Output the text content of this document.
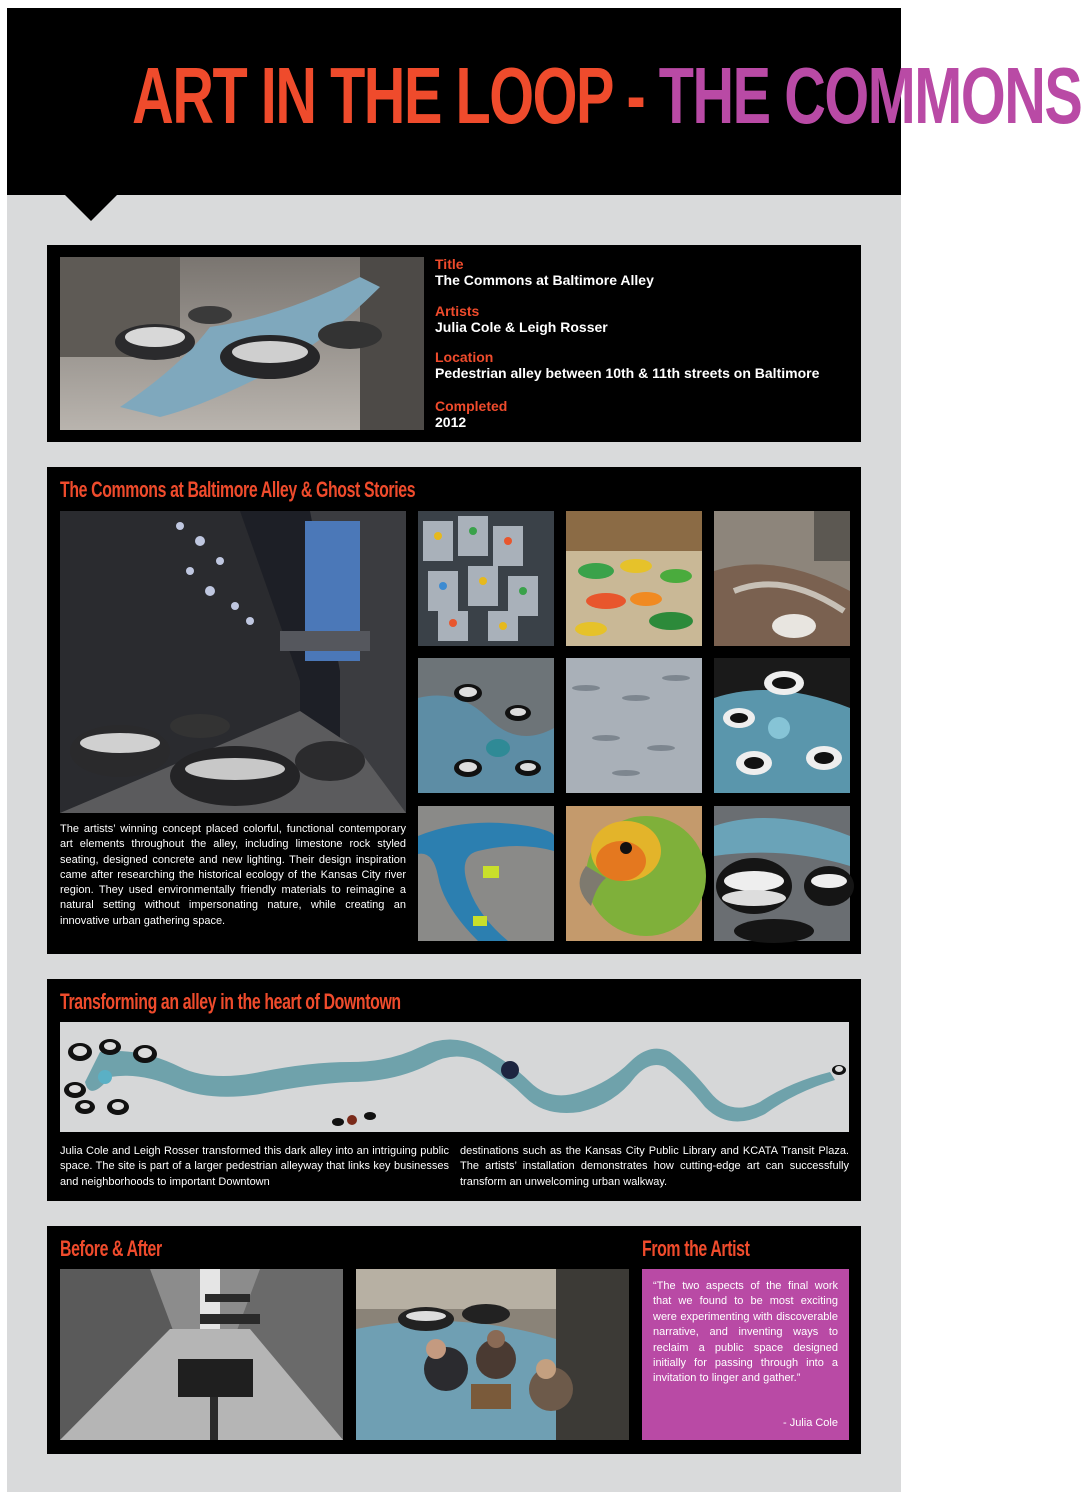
ART IN THE LOOP - THE COMMONS
Title
The Commons at Baltimore Alley
Artists
Julia Cole & Leigh Rosser
Location
Pedestrian alley between 10th & 11th streets on Baltimore
Completed
2012
The Commons at Baltimore Alley & Ghost Stories
The artists’ winning concept placed colorful, functional contemporary art elements throughout the alley, including limestone rock styled seating, designed concrete and new lighting. Their design inspiration came after researching the historical ecology of the Kansas City river region. They used environmentally friendly materials to reimagine a natural setting without impersonating nature, while creating an innovative urban gathering space.
Transforming an alley in the heart of Downtown
Julia Cole and Leigh Rosser transformed this dark alley into an intriguing public space. The site is part of a larger pedestrian alleyway that links key businesses and neighborhoods to important Downtown
destinations such as the Kansas City Public Library and KCATA Transit Plaza. The artists’ installation demonstrates how cutting-edge art can successfully transform an unwelcoming urban walkway.
Before & After	From the Artist
“The two aspects of the final work that we found to be most exciting were experimenting with discoverable narrative, and inventing ways to reclaim a public space designed initially for passing through into a invitation to linger and gather.”
- Julia Cole
